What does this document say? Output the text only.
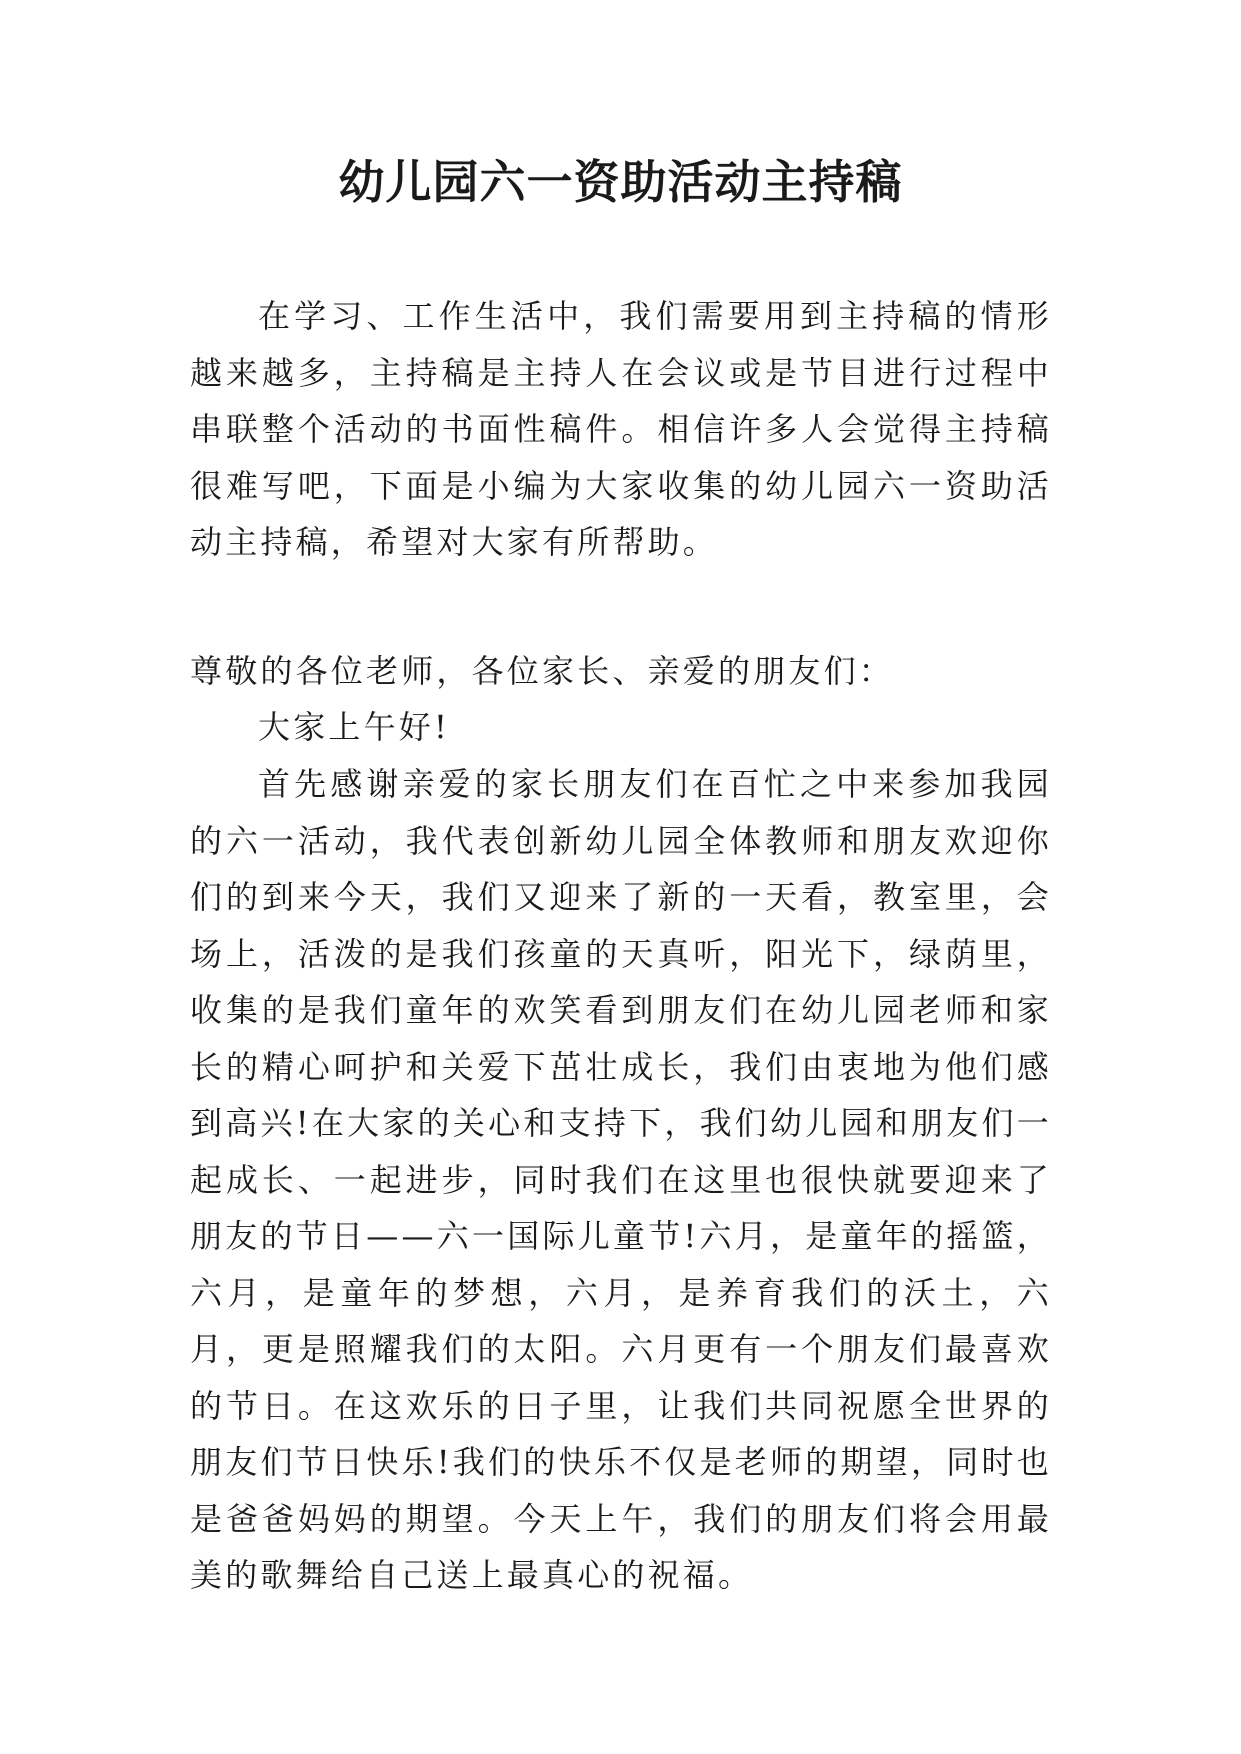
幼儿园六一资助活动主持稿

在学习、工作生活中，我们需要用到主持稿的情形越来越多，主持稿是主持人在会议或是节目进行过程中串联整个活动的书面性稿件。相信许多人会觉得主持稿很难写吧，下面是小编为大家收集的幼儿园六一资助活动主持稿，希望对大家有所帮助。

尊敬的各位老师，各位家长、亲爱的朋友们：

大家上午好!

首先感谢亲爱的家长朋友们在百忙之中来参加我园的六一活动，我代表创新幼儿园全体教师和朋友欢迎你们的到来今天，我们又迎来了新的一天看，教室里，会场上，活泼的是我们孩童的天真听，阳光下，绿荫里，收集的是我们童年的欢笑看到朋友们在幼儿园老师和家长的精心呵护和关爱下茁壮成长，我们由衷地为他们感到高兴!在大家的关心和支持下，我们幼儿园和朋友们一起成长、一起进步，同时我们在这里也很快就要迎来了朋友的节日——六一国际儿童节!六月，是童年的摇篮，六月，是童年的梦想，六月，是养育我们的沃土，六月，更是照耀我们的太阳。六月更有一个朋友们最喜欢的节日。在这欢乐的日子里，让我们共同祝愿全世界的朋友们节日快乐!我们的快乐不仅是老师的期望，同时也是爸爸妈妈的期望。今天上午，我们的朋友们将会用最美的歌舞给自己送上最真心的祝福。
